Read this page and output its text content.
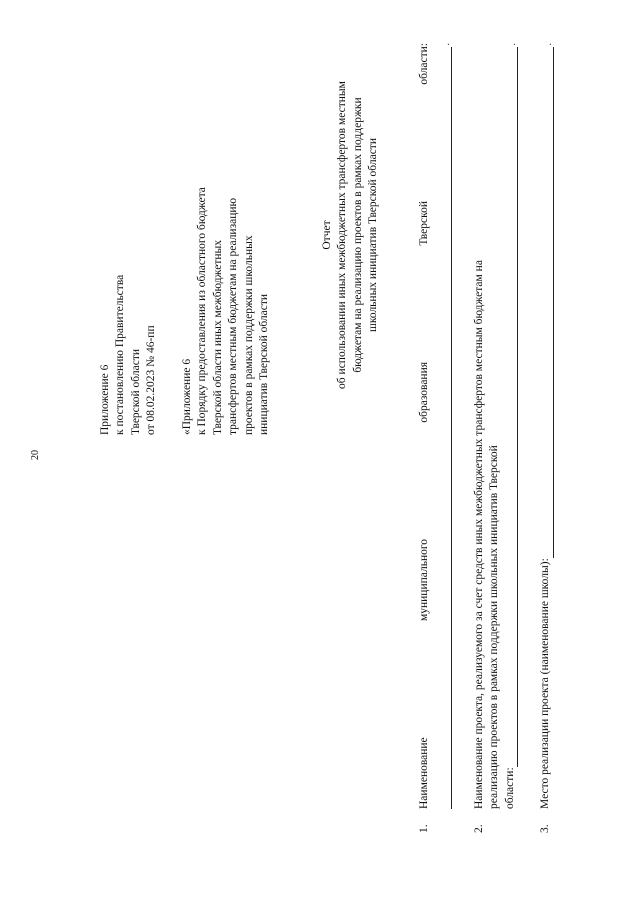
20
Приложение 6 к постановлению Правительства Тверской области от 08.02.2023 № 46-пп «Приложение 6 к Порядку предоставления из областного бюджета Тверской области иных межбюджетных трансфертов местным бюджетам на реализацию проектов в рамках поддержки школьных инициатив Тверской области
Отчет об использовании иных межбюджетных трансфертов местным бюджетам на реализацию проектов в рамках поддержки школьных инициатив Тверской области
1.
Наименование
муниципального
образования
Тверской
области: .
2.
Наименование проекта, реализуемого за счет средств иных межбюджетных трансфертов местным бюджетам на реализацию проектов в рамках поддержки школьных инициатив Тверской области:
.
3.
Место реализации проекта (наименование школы):
.
